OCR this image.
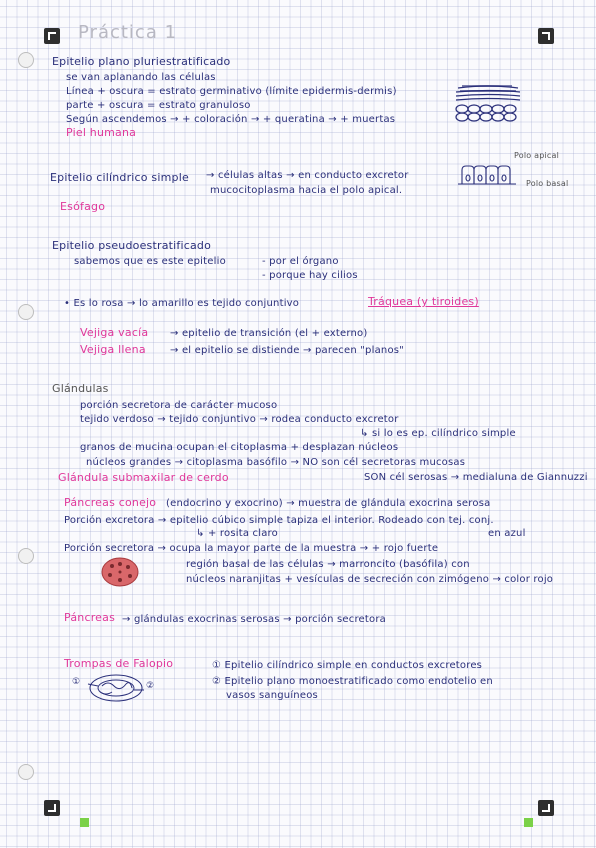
Práctica 1
Epitelio plano pluriestratificado
se van aplanando las células
Línea + oscura = estrato germinativo (límite epidermis-dermis)
parte + oscura = estrato granuloso
Según ascendemos → + coloración → + queratina → + muertas
Piel humana
Epitelio cilíndrico simple → células altas → en conducto excretor
mucocitoplasma hacia el polo apical.
Polo apical
Polo basal
Esófago
Epitelio pseudoestratificado
sabemos que es este epitelio	- por el órgano
- porque hay cilios
• Es lo rosa → lo amarillo es tejido conjuntivo	Tráquea (y tiroides)
Vejiga vacía → epitelio de transición (el + externo)
Vejiga llena → el epitelio se distiende → parecen "planos"
Glándulas
porción secretora de carácter mucoso
tejido verdoso → tejido conjuntivo → rodea conducto excretor
↳ si lo es ep. cilíndrico simple
granos de mucina ocupan el citoplasma + desplazan núcleos
núcleos grandes → citoplasma basófilo → NO son cél secretoras mucosas
SON cél serosas → medialuna de Giannuzzi
Glándula submaxilar de cerdo
Páncreas conejo (endocrino y exocrino) → muestra de glándula exocrina serosa
Porción excretora → epitelio cúbico simple tapiza el interior. Rodeado con tej. conj.
en azul
↳ + rosita claro
Porción secretora → ocupa la mayor parte de la muestra → + rojo fuerte
región basal de las células → marroncito (basófila) con
núcleos naranjitas + vesículas de secreción con zimógeno → color rojo
Páncreas → glándulas exocrinas serosas → porción secretora
Trompas de Falopio	① Epitelio cilíndrico simple en conductos excretores
② Epitelio plano monoestratificado como endotelio en
vasos sanguíneos
①	②
